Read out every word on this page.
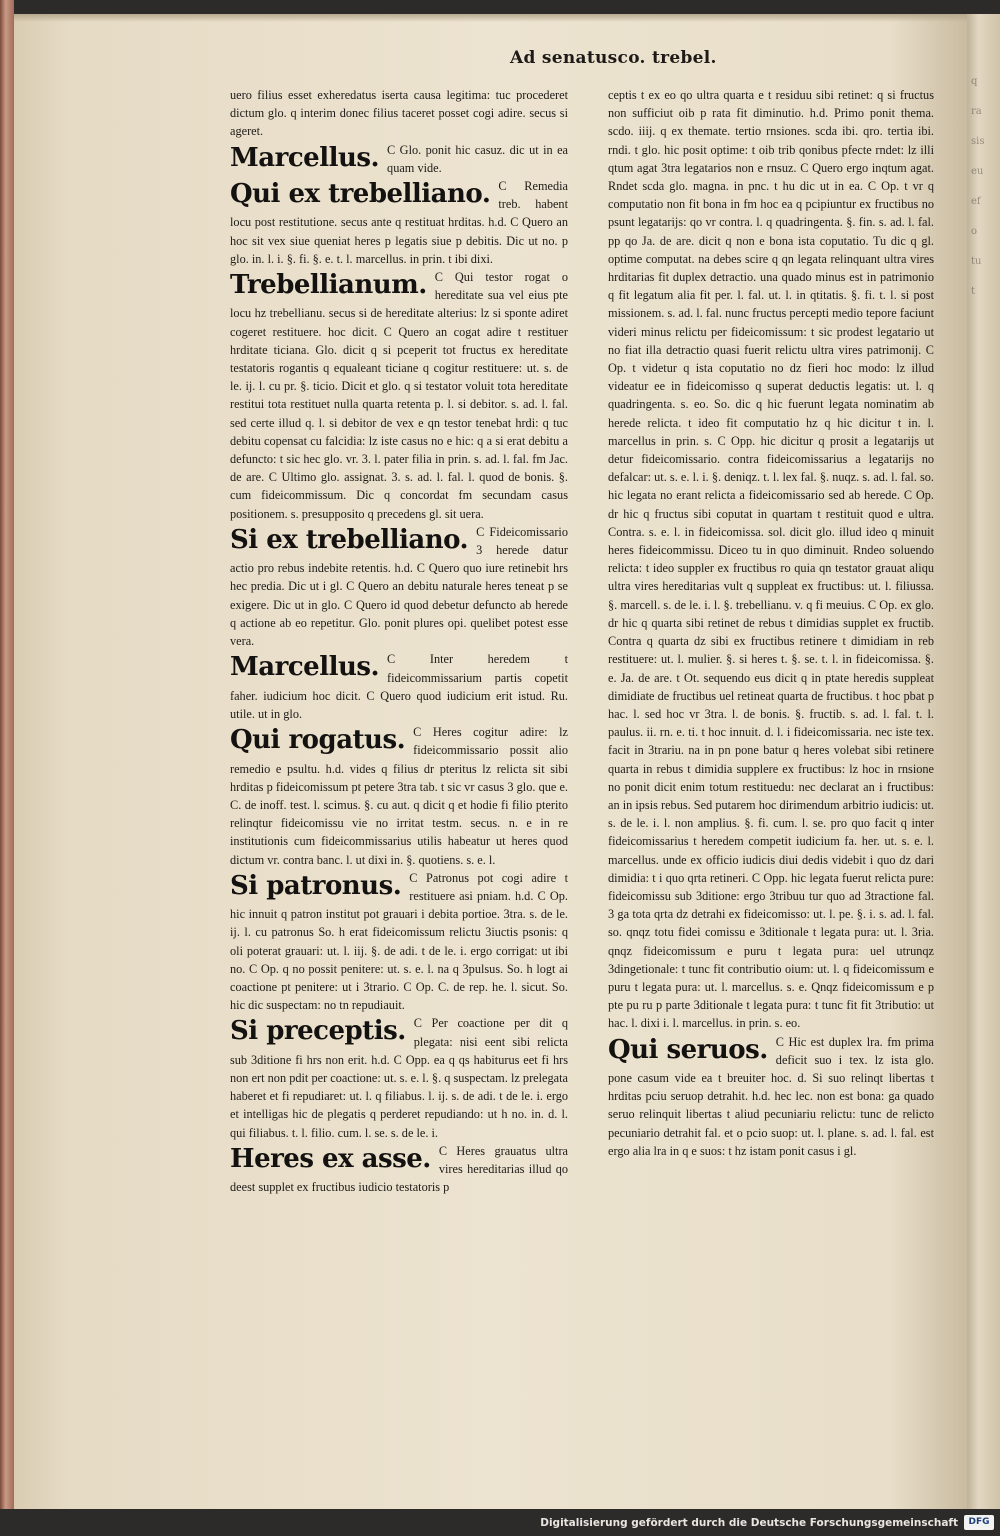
q

ra

sis

eu

ef

o

tu

t
Ad senatusco. trebel.

uero filius esset exheredatus iserta causa legitima: tuc procederet dictum glo. q interim donec filius taceret posset cogi adire. secus si ageret.

Marcellus. C Glo. ponit hic casuz. dic ut in ea quam vide.

Qui ex trebelliano. C Remedia treb. habent locu post restitutione. secus ante q restituat hrditas. h.d. C Quero an hoc sit vex siue queniat heres p legatis siue p debitis. Dic ut no. p glo. in. l. i. §. fi. §. e. t. l. marcellus. in prin. t ibi dixi.

Trebellianum. C Qui testor rogat o hereditate sua vel eius pte locu hz trebellianu. secus si de hereditate alterius: lz si sponte adiret cogeret restituere. hoc dicit. C Quero an cogat adire t restituer hrditate ticiana. Glo. dicit q si pceperit tot fructus ex hereditate testatoris rogantis q equaleant ticiane q cogitur restituere: ut. s. de le. ij. l. cu pr. §. ticio. Dicit et glo. q si testator voluit tota hereditate restitui tota restituet nulla quarta retenta p. l. si debitor. s. ad. l. fal. sed certe illud q. l. si debitor de vex e qn testor tenebat hrdi: q tuc debitu copensat cu falcidia: lz iste casus no e hic: q a si erat debitu a defuncto: t sic hec glo. vr. 3. l. pater filia in prin. s. ad. l. fal. fm Jac. de are. C Ultimo glo. assignat. 3. s. ad. l. fal. l. quod de bonis. §. cum fideicommissum. Dic q concordat fm secundam casus positionem. s. presupposito q precedens gl. sit uera.

Si ex trebelliano. C Fideicomissario 3 herede datur actio pro rebus indebite retentis. h.d. C Quero quo iure retinebit hrs hec predia. Dic ut i gl. C Quero an debitu naturale heres teneat p se exigere. Dic ut in glo. C Quero id quod debetur defuncto ab herede q actione ab eo repetitur. Glo. ponit plures opi. quelibet potest esse vera.

Marcellus. C Inter heredem t fideicommissarium partis copetit faher. iudicium hoc dicit. C Quero quod iudicium erit istud. Ru. utile. ut in glo.

Qui rogatus. C Heres cogitur adire: lz fideicommissario possit alio remedio e psultu. h.d. vides q filius dr pteritus lz relicta sit sibi hrditas p fideicomissum pt petere 3tra tab. t sic vr casus 3 glo. que e. C. de inoff. test. l. scimus. §. cu aut. q dicit q et hodie fi filio pterito relinqtur fideicomissu vie no irritat testm. secus. n. e in re institutionis cum fideicommissarius utilis habeatur ut heres quod dictum vr. contra banc. l. ut dixi in. §. quotiens. s. e. l.

Si patronus. C Patronus pot cogi adire t restituere asi pniam. h.d. C Op. hic innuit q patron institut pot grauari i debita portioe. 3tra. s. de le. ij. l. cu patronus So. h erat fideicomissum relictu 3iuctis psonis: q oli poterat grauari: ut. l. iij. §. de adi. t de le. i. ergo corrigat: ut ibi no. C Op. q no possit penitere: ut. s. e. l. na q 3pulsus. So. h logt ai coactione pt penitere: ut i 3trario. C Op. C. de rep. he. l. sicut. So. hic dic suspectam: no tn repudiauit.

Si preceptis. C Per coactione per dit q plegata: nisi eent sibi relicta sub 3ditione fi hrs non erit. h.d. C Opp. ea q qs habiturus eet fi hrs non ert non pdit per coactione: ut. s. e. l. §. q suspectam. lz prelegata haberet et fi repudiaret: ut. l. q filiabus. l. ij. s. de adi. t de le. i. ergo et intelligas hic de plegatis q perderet repudiando: ut h no. in. d. l. qui filiabus. t. l. filio. cum. l. se. s. de le. i.

Heres ex asse. C Heres grauatus ultra vires hereditarias illud qo deest supplet ex fructibus iudicio testatoris p

ceptis t ex eo qo ultra quarta e t residuu sibi retinet: q si fructus non sufficiut oib p rata fit diminutio. h.d. Primo ponit thema. scdo. iiij. q ex themate. tertio rnsiones. scda ibi. qro. tertia ibi. rndi. t glo. hic posit optime: t oib trib qonibus pfecte rndet: lz illi qtum agat 3tra legatarios non e rnsuz. C Quero ergo inqtum agat. Rndet scda glo. magna. in pnc. t hu dic ut in ea. C Op. t vr q computatio non fit bona in fm hoc ea q pcipiuntur ex fructibus no psunt legatarijs: qo vr contra. l. q quadringenta. §. fin. s. ad. l. fal. pp qo Ja. de are. dicit q non e bona ista coputatio. Tu dic q gl. optime computat. na debes scire q qn legata relinquant ultra vires hrditarias fit duplex detractio. una quado minus est in patrimonio q fit legatum alia fit per. l. fal. ut. l. in qtitatis. §. fi. t. l. si post missionem. s. ad. l. fal. nunc fructus percepti medio tepore faciunt videri minus relictu per fideicomissum: t sic prodest legatario ut no fiat illa detractio quasi fuerit relictu ultra vires patrimonij. C Op. t videtur q ista coputatio no dz fieri hoc modo: lz illud videatur ee in fideicomisso q superat deductis legatis: ut. l. q quadringenta. s. eo. So. dic q hic fuerunt legata nominatim ab herede relicta. t ideo fit computatio hz q hic dicitur t in. l. marcellus in prin. s. C Opp. hic dicitur q prosit a legatarijs ut detur fideicomissario. contra fideicomissarius a legatarijs no defalcar: ut. s. e. l. i. §. deniqz. t. l. lex fal. §. nuqz. s. ad. l. fal. so. hic legata no erant relicta a fideicomissario sed ab herede. C Op. dr hic q fructus sibi coputat in quartam t restituit quod e ultra. Contra. s. e. l. in fideicomissa. sol. dicit glo. illud ideo q minuit heres fideicommissu. Diceo tu in quo diminuit. Rndeo soluendo relicta: t ideo suppler ex fructibus ro quia qn testator grauat aliqu ultra vires hereditarias vult q suppleat ex fructibus: ut. l. filiussa. §. marcell. s. de le. i. l. §. trebellianu. v. q fi meuius. C Op. ex glo. dr hic q quarta sibi retinet de rebus t dimidias supplet ex fructib. Contra q quarta dz sibi ex fructibus retinere t dimidiam in reb restituere: ut. l. mulier. §. si heres t. §. se. t. l. in fideicomissa. §. e. Ja. de are. t Ot. sequendo eus dicit q in ptate heredis suppleat dimidiate de fructibus uel retineat quarta de fructibus. t hoc pbat p hac. l. sed hoc vr 3tra. l. de bonis. §. fructib. s. ad. l. fal. t. l. paulus. ii. rn. e. ti. t hoc innuit. d. l. i fideicomissaria. nec iste tex. facit in 3trariu. na in pn pone batur q heres volebat sibi retinere quarta in rebus t dimidia supplere ex fructibus: lz hoc in rnsione no ponit dicit enim totum restituedu: nec declarat an i fructibus: an in ipsis rebus. Sed putarem hoc dirimendum arbitrio iudicis: ut. s. de le. i. l. non amplius. §. fi. cum. l. se. pro quo facit q inter fideicomissarius t heredem competit iudicium fa. her. ut. s. e. l. marcellus. unde ex officio iudicis diui dedis videbit i quo dz dari dimidia: t i quo qrta retineri. C Opp. hic legata fuerut relicta pure: fideicomissu sub 3ditione: ergo 3tribuu tur quo ad 3tractione fal. 3 ga tota qrta dz detrahi ex fideicomisso: ut. l. pe. §. i. s. ad. l. fal. so. qnqz totu fidei comissu e 3ditionale t legata pura: ut. l. 3ria. qnqz fideicomissum e puru t legata pura: uel utrunqz 3dingetionale: t tunc fit contributio oium: ut. l. q fideicomissum e puru t legata pura: ut. l. marcellus. s. e. Qnqz fideicomissum e p pte pu ru p parte 3ditionale t legata pura: t tunc fit fit 3tributio: ut hac. l. dixi i. l. marcellus. in prin. s. eo.

Qui seruos. C Hic est duplex lra. fm prima deficit suo i tex. lz ista glo. pone casum vide ea t breuiter hoc. d. Si suo relinqt libertas t hrditas pciu seruop detrahit. h.d. hec lec. non est bona: ga quado seruo relinquit libertas t aliud pecuniariu relictu: tunc de relicto pecuniario detrahit fal. et o pcio suop: ut. l. plane. s. ad. l. fal. est ergo alia lra in q e suos: t hz istam ponit casus i gl.

Digitalisierung gefördert durch die Deutsche Forschungsgemeinschaft	DFG
